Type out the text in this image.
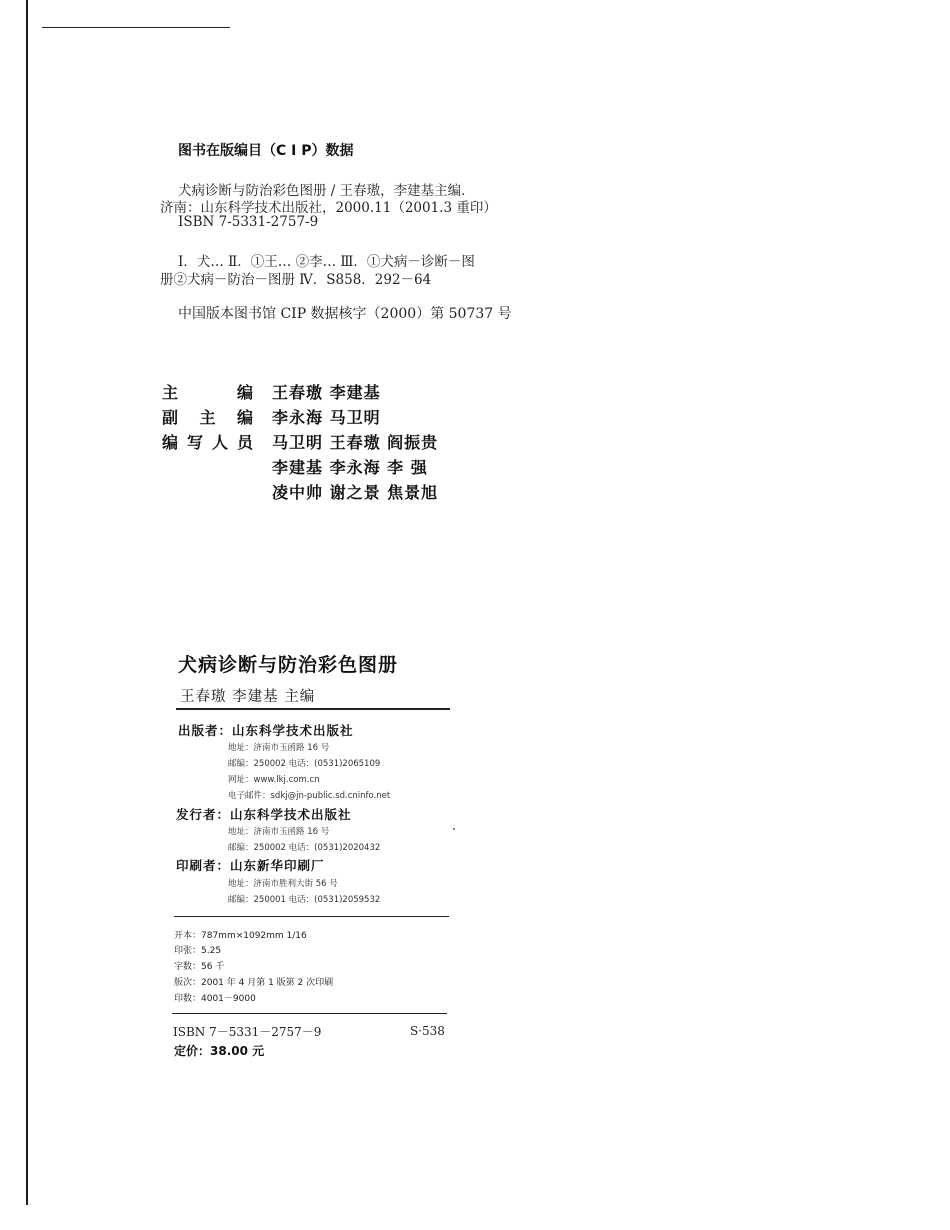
图书在版编目（C I P）数据
犬病诊断与防治彩色图册 / 王春璈，李建基主编．
济南：山东科学技术出版社，2000.11（2001.3 重印）
ISBN 7-5331-2757-9
Ⅰ．犬… Ⅱ．①王… ②李… Ⅲ．①犬病－诊断－图
册②犬病－防治－图册 Ⅳ．S858．292－64
中国版本图书馆 CIP 数据核字（2000）第 50737 号
主编 王春璈 李建基
副主编 李永海 马卫明
编写人员 马卫明 王春璈 阎振贵
李建基 李永海 李 强
凌中帅 谢之景 焦景旭
犬病诊断与防治彩色图册
王春璈 李建基 主编
出版者：山东科学技术出版社
地址：济南市玉函路 16 号
邮编：250002 电话：(0531)2065109
网址：www.lkj.com.cn
电子邮件：sdkj@jn-public.sd.cninfo.net
发行者：山东科学技术出版社
地址：济南市玉函路 16 号
邮编：250002 电话：(0531)2020432
印刷者：山东新华印刷厂
地址：济南市胜利大街 56 号
邮编：250001 电话：(0531)2059532
开本：787mm×1092mm 1/16
印张：5.25
字数：56 千
版次：2001 年 4 月第 1 版第 2 次印刷
印数：4001－9000
ISBN 7－5331－2757－9	S·538
定价：38.00 元
